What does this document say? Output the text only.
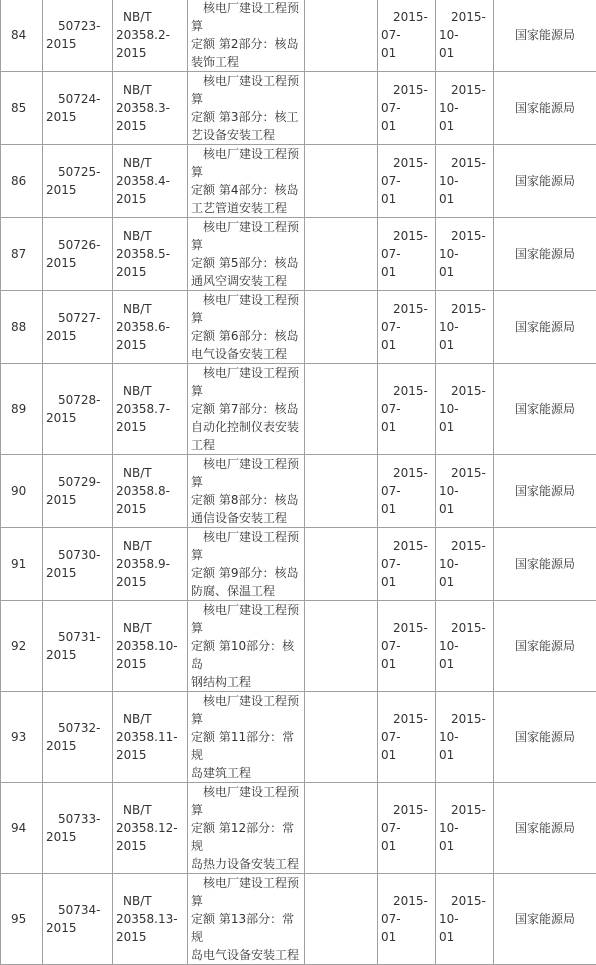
84	50723-
2015	NB/T
20358.2-
2015	核电厂建设工程预算
定额 第2部分：核岛
装饰工程		2015-07-
01	2015-10-
01	国家能源局
85	50724-
2015	NB/T
20358.3-
2015	核电厂建设工程预算
定额 第3部分：核工
艺设备安装工程		2015-07-
01	2015-10-
01	国家能源局
86	50725-
2015	NB/T
20358.4-
2015	核电厂建设工程预算
定额 第4部分：核岛
工艺管道安装工程		2015-07-
01	2015-10-
01	国家能源局
87	50726-
2015	NB/T
20358.5-
2015	核电厂建设工程预算
定额 第5部分：核岛
通风空调安装工程		2015-07-
01	2015-10-
01	国家能源局
88	50727-
2015	NB/T
20358.6-
2015	核电厂建设工程预算
定额 第6部分：核岛
电气设备安装工程		2015-07-
01	2015-10-
01	国家能源局
89	50728-
2015	NB/T
20358.7-
2015	核电厂建设工程预算
定额 第7部分：核岛
自动化控制仪表安装
工程		2015-07-
01	2015-10-
01	国家能源局
90	50729-
2015	NB/T
20358.8-
2015	核电厂建设工程预算
定额 第8部分：核岛
通信设备安装工程		2015-07-
01	2015-10-
01	国家能源局
91	50730-
2015	NB/T
20358.9-
2015	核电厂建设工程预算
定额 第9部分：核岛
防腐、保温工程		2015-07-
01	2015-10-
01	国家能源局
92	50731-
2015	NB/T
20358.10-
2015	核电厂建设工程预算
定额 第10部分：核岛
钢结构工程		2015-07-
01	2015-10-
01	国家能源局
93	50732-
2015	NB/T
20358.11-
2015	核电厂建设工程预算
定额 第11部分：常规
岛建筑工程		2015-07-
01	2015-10-
01	国家能源局
94	50733-
2015	NB/T
20358.12-
2015	核电厂建设工程预算
定额 第12部分：常规
岛热力设备安装工程		2015-07-
01	2015-10-
01	国家能源局
95	50734-
2015	NB/T
20358.13-
2015	核电厂建设工程预算
定额 第13部分：常规
岛电气设备安装工程		2015-07-
01	2015-10-
01	国家能源局
